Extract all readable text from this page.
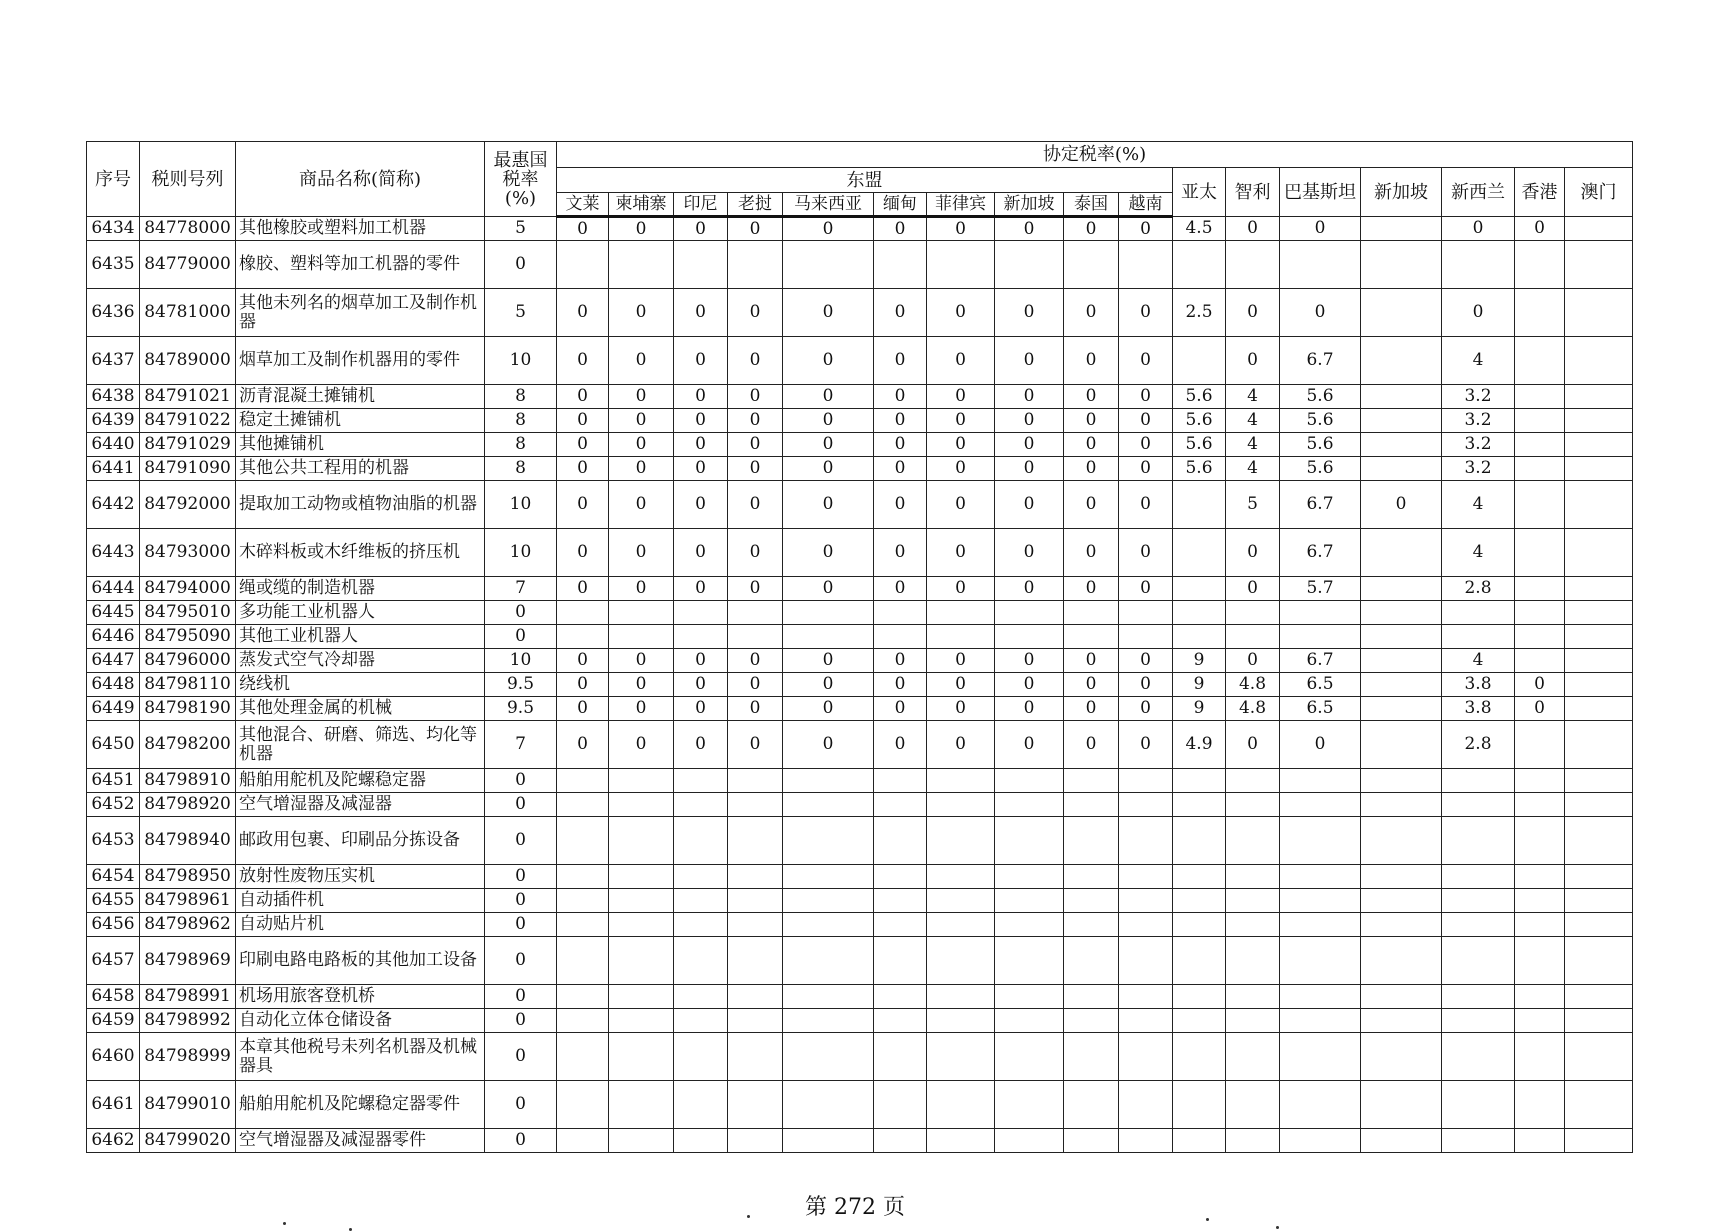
序号	税则号列	商品名称(简称)	最惠国
税率
(%)	协定税率(%)																
				东盟										亚太	智利	巴基斯坦	新加坡	新西兰	香港	澳门
				文莱	柬埔寨	印尼	老挝	马来西亚	缅甸	菲律宾	新加坡	泰国	越南							
6434	84778000	其他橡胶或塑料加工机器	5	0	0	0	0	0	0	0	0	0	0	4.5	0	0		0	0	
6435	84779000	橡胶、塑料等加工机器的零件	0																	
6436	84781000	其他未列名的烟草加工及制作机器	5	0	0	0	0	0	0	0	0	0	0	2.5	0	0		0		
6437	84789000	烟草加工及制作机器用的零件	10	0	0	0	0	0	0	0	0	0	0		0	6.7		4		
6438	84791021	沥青混凝土摊铺机	8	0	0	0	0	0	0	0	0	0	0	5.6	4	5.6		3.2		
6439	84791022	稳定土摊铺机	8	0	0	0	0	0	0	0	0	0	0	5.6	4	5.6		3.2		
6440	84791029	其他摊铺机	8	0	0	0	0	0	0	0	0	0	0	5.6	4	5.6		3.2		
6441	84791090	其他公共工程用的机器	8	0	0	0	0	0	0	0	0	0	0	5.6	4	5.6		3.2		
6442	84792000	提取加工动物或植物油脂的机器	10	0	0	0	0	0	0	0	0	0	0		5	6.7	0	4		
6443	84793000	木碎料板或木纤维板的挤压机	10	0	0	0	0	0	0	0	0	0	0		0	6.7		4		
6444	84794000	绳或缆的制造机器	7	0	0	0	0	0	0	0	0	0	0		0	5.7		2.8		
6445	84795010	多功能工业机器人	0																	
6446	84795090	其他工业机器人	0																	
6447	84796000	蒸发式空气冷却器	10	0	0	0	0	0	0	0	0	0	0	9	0	6.7		4		
6448	84798110	绕线机	9.5	0	0	0	0	0	0	0	0	0	0	9	4.8	6.5		3.8	0	
6449	84798190	其他处理金属的机械	9.5	0	0	0	0	0	0	0	0	0	0	9	4.8	6.5		3.8	0	
6450	84798200	其他混合、研磨、筛选、均化等机器	7	0	0	0	0	0	0	0	0	0	0	4.9	0	0		2.8		
6451	84798910	船舶用舵机及陀螺稳定器	0																	
6452	84798920	空气增湿器及减湿器	0																	
6453	84798940	邮政用包裹、印刷品分拣设备	0																	
6454	84798950	放射性废物压实机	0																	
6455	84798961	自动插件机	0																	
6456	84798962	自动贴片机	0																	
6457	84798969	印刷电路电路板的其他加工设备	0																	
6458	84798991	机场用旅客登机桥	0																	
6459	84798992	自动化立体仓储设备	0																	
6460	84798999	本章其他税号未列名机器及机械器具	0																	
6461	84799010	船舶用舵机及陀螺稳定器零件	0																	
6462	84799020	空气增湿器及减湿器零件	0																	
第 272 页
